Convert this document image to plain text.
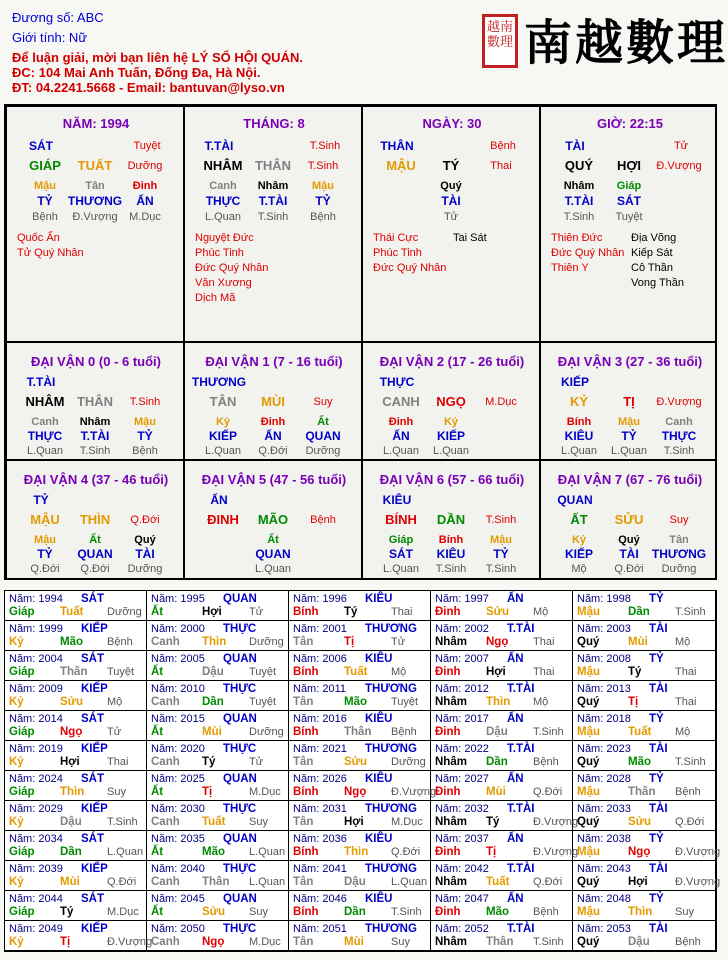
Đương số: ABC
Giới tính: Nữ
Để luận giải, mời bạn liên hệ LÝ SỐ HỘI QUÁN.
ĐC: 104 Mai Anh Tuấn, Đống Đa, Hà Nội.
ĐT: 04.2241.5668 - Email: bantuvan@lyso.vn
越南數理 南越數理
NĂM: 1994
SÁT	Tuyệt
GIÁP TUẤT Dưỡng
Mậu	Tân	Đinh
TỶ THƯƠNG ẤN
Bệnh Đ.Vượng M.Dục
Quốc Ấn
Tử Quý Nhân
THÁNG: 8
T.TÀI	T.Sinh
NHÂM THÂN T.Sinh
Canh Nhâm Mậu
THỰC T.TÀI TỶ
L.Quan T.Sinh Bệnh
Nguyệt Đức
Phúc Tinh
Đức Quý Nhân
Văn Xương
Dịch Mã
NGÀY: 30
THÂN	Bệnh
MẬU TÝ	Thai
Quý
TÀI
Tử
Thái Cực	Tai Sát
Phúc Tinh
Đức Quý Nhân
GIỜ: 22:15
TÀI	Tử
QUÝ HỢI Đ.Vượng
Nhâm Giáp
T.TÀI SÁT
T.Sinh Tuyệt
Thiên Đức	Địa Võng
Đức Quý Nhân Kiếp Sát
Thiên Y	Cô Thần
Vong Thần
ĐẠI VẬN 0 (0 - 6 tuổi)
T.TÀI
NHÂM THÂN T.Sinh
Canh Nhâm Mậu
THỰC T.TÀI TỶ
L.Quan T.Sinh Bệnh
ĐẠI VẬN 1 (7 - 16 tuổi)
THƯƠNG
TÂN MÙI	Suy
Kỷ	Đinh	Ất
KIẾP ẤN QUAN
L.Quan Q.Đới Dưỡng
ĐẠI VẬN 2 (17 - 26 tuổi)
THỰC
CANH NGỌ M.Dục
Đinh	Kỷ
ẤN KIẾP
L.Quan L.Quan
ĐẠI VẬN 3 (27 - 36 tuổi)
KIẾP
KỶ	TỊ Đ.Vượng
Bính Mậu Canh
KIÊU TỶ THỰC
L.Quan L.Quan T.Sinh
ĐẠI VẬN 4 (37 - 46 tuổi)
TỶ
MẬU THÌN Q.Đới
Mậu	Ất	Quý
TỶ QUAN TÀI
Q.Đới Q.Đới Dưỡng
ĐẠI VẬN 5 (47 - 56 tuổi)
ẤN
ĐINH MÃO Bệnh
Ất
QUAN
L.Quan
ĐẠI VẬN 6 (57 - 66 tuổi)
KIÊU
BÍNH DẦN T.Sinh
Giáp Bính Mậu
SÁT KIÊU TỶ
L.Quan T.Sinh T.Sinh
ĐẠI VẬN 7 (67 - 76 tuổi)
QUAN
ẤT SỬU Suy
Kỷ	Quý	Tân
KIẾP TÀI THƯƠNG
Mộ	Q.Đới Dưỡng
Năm: 1994 SÁT
Giáp Tuất Dưỡng
Năm: 1995 QUAN
Ất	Hợi Tử
Năm: 1996 KIÊU
Bính Tý	Thai
Năm: 1997 ẤN
Đinh Sửu Mộ
Năm: 1998 TỶ
Mậu Dần T.Sinh
Năm: 1999 KIẾP
Kỷ	Mão Bệnh
Năm: 2000 THỰC
Canh Thìn Dưỡng
Năm: 2001 THƯƠNG
Tân	Tị	Tử
Năm: 2002 T.TÀI
Nhâm Ngọ Thai
Năm: 2003 TÀI
Quý Mùi Mộ
Năm: 2004 SÁT
Giáp Thân Tuyệt
Năm: 2005 QUAN
Ất	Dậu Tuyệt
Năm: 2006 KIÊU
Bính Tuất Mộ
Năm: 2007 ẤN
Đinh Hợi Thai
Năm: 2008 TỶ
Mậu Tý	Thai
Năm: 2009 KIẾP
Kỷ	Sửu Mộ
Năm: 2010 THỰC
Canh Dần Tuyệt
Năm: 2011 THƯƠNG
Tân	Mão Tuyệt
Năm: 2012 T.TÀI
Nhâm Thìn Mộ
Năm: 2013 TÀI
Quý Tị	Thai
Năm: 2014 SÁT
Giáp Ngọ Tử
Năm: 2015 QUAN
Ất	Mùi Dưỡng
Năm: 2016 KIÊU
Bính Thân Bệnh
Năm: 2017 ẤN
Đinh Dậu T.Sinh
Năm: 2018 TỶ
Mậu Tuất Mộ
Năm: 2019 KIẾP
Kỷ	Hợi Thai
Năm: 2020 THỰC
Canh Tý	Tử
Năm: 2021 THƯƠNG
Tân	Sửu Dưỡng
Năm: 2022 T.TÀI
Nhâm Dần Bệnh
Năm: 2023 TÀI
Quý Mão T.Sinh
Năm: 2024 SÁT
Giáp Thìn Suy
Năm: 2025 QUAN
Ất	Tị	M.Dục
Năm: 2026 KIÊU
Bính Ngọ Đ.Vượng
Năm: 2027 ẤN
Đinh Mùi Q.Đới
Năm: 2028 TỶ
Mậu Thân Bệnh
Năm: 2029 KIẾP
Kỷ	Dậu T.Sinh
Năm: 2030 THỰC
Canh Tuất Suy
Năm: 2031 THƯƠNG
Tân	Hợi M.Dục
Năm: 2032 T.TÀI
Nhâm Tý	Đ.Vượng
Năm: 2033 TÀI
Quý Sửu Q.Đới
Năm: 2034 SÁT
Giáp Dần L.Quan
Năm: 2035 QUAN
Ất	Mão L.Quan
Năm: 2036 KIÊU
Bính Thìn Q.Đới
Năm: 2037 ẤN
Đinh Tị	Đ.Vượng
Năm: 2038 TỶ
Mậu Ngọ Đ.Vượng
Năm: 2039 KIẾP
Kỷ	Mùi Q.Đới
Năm: 2040 THỰC
Canh Thân L.Quan
Năm: 2041 THƯƠNG
Tân	Dậu L.Quan
Năm: 2042 T.TÀI
Nhâm Tuất Q.Đới
Năm: 2043 TÀI
Quý Hợi Đ.Vượng
Năm: 2044 SÁT
Giáp Tý	M.Dục
Năm: 2045 QUAN
Ất	Sửu Suy
Năm: 2046 KIÊU
Bính Dần T.Sinh
Năm: 2047 ẤN
Đinh Mão Bệnh
Năm: 2048 TỶ
Mậu Thìn Suy
Năm: 2049 KIẾP
Kỷ	Tị	Đ.Vượng
Năm: 2050 THỰC
Canh Ngọ M.Dục
Năm: 2051 THƯƠNG
Tân	Mùi Suy
Năm: 2052 T.TÀI
Nhâm Thân T.Sinh
Năm: 2053 TÀI
Quý Dậu Bệnh
